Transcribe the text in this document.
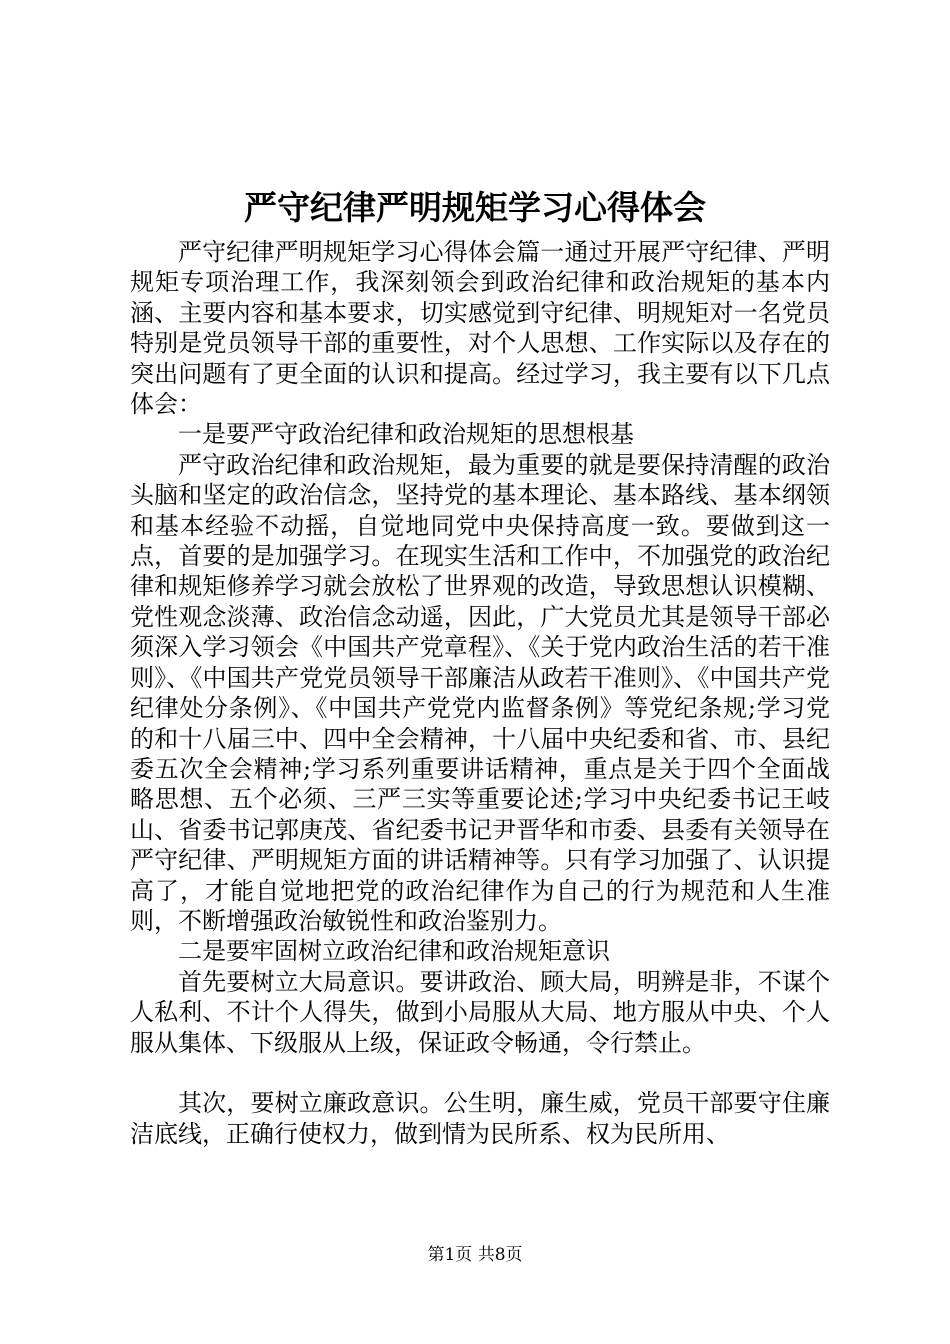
严守纪律严明规矩学习心得体会

严守纪律严明规矩学习心得体会篇一通过开展严守纪律、严明规矩专项治理工作，我深刻领会到政治纪律和政治规矩的基本内涵、主要内容和基本要求，切实感觉到守纪律、明规矩对一名党员特别是党员领导干部的重要性，对个人思想、工作实际以及存在的突出问题有了更全面的认识和提高。经过学习，我主要有以下几点体会：

一是要严守政治纪律和政治规矩的思想根基

严守政治纪律和政治规矩，最为重要的就是要保持清醒的政治头脑和坚定的政治信念，坚持党的基本理论、基本路线、基本纲领和基本经验不动摇，自觉地同党中央保持高度一致。要做到这一点，首要的是加强学习。在现实生活和工作中，不加强党的政治纪律和规矩修养学习就会放松了世界观的改造，导致思想认识模糊、党性观念淡薄、政治信念动遥，因此，广大党员尤其是领导干部必须深入学习领会《中国共产党章程》、《关于党内政治生活的若干准则》、《中国共产党党员领导干部廉洁从政若干准则》、《中国共产党纪律处分条例》、《中国共产党党内监督条例》等党纪条规;学习党的和十八届三中、四中全会精神，十八届中央纪委和省、市、县纪委五次全会精神;学习系列重要讲话精神，重点是关于四个全面战略思想、五个必须、三严三实等重要论述;学习中央纪委书记王岐山、省委书记郭庚茂、省纪委书记尹晋华和市委、县委有关领导在严守纪律、严明规矩方面的讲话精神等。只有学习加强了、认识提高了，才能自觉地把党的政治纪律作为自己的行为规范和人生准则，不断增强政治敏锐性和政治鉴别力。

二是要牢固树立政治纪律和政治规矩意识

首先要树立大局意识。要讲政治、顾大局，明辨是非，不谋个人私利、不计个人得失，做到小局服从大局、地方服从中央、个人服从集体、下级服从上级，保证政令畅通，令行禁止。

其次，要树立廉政意识。公生明，廉生威，党员干部要守住廉洁底线，正确行使权力，做到情为民所系、权为民所用、

第1页 共8页
